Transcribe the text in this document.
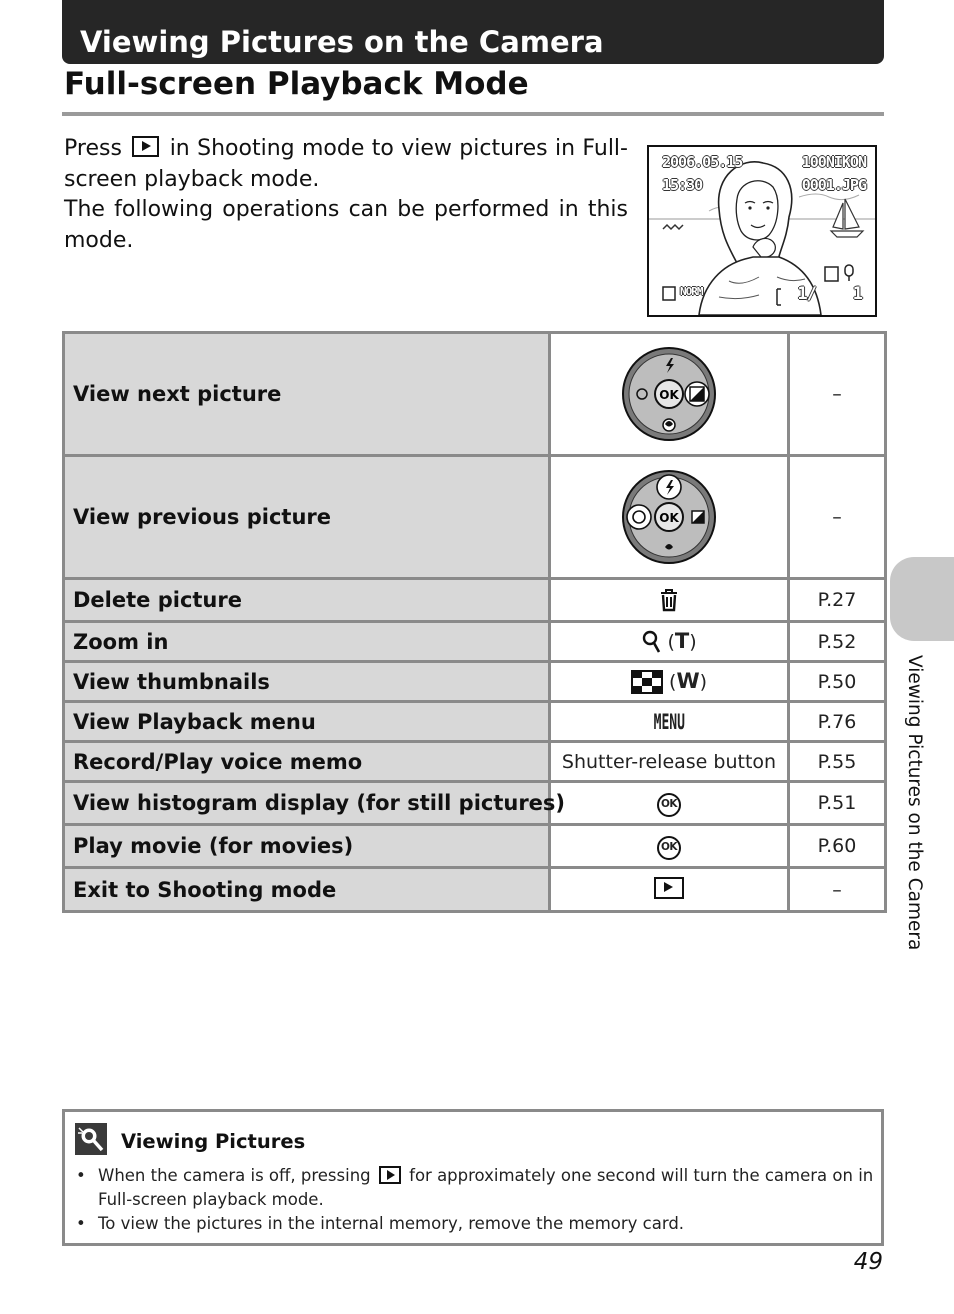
Viewing Pictures on the Camera
Full-screen Playback Mode

Press in Shooting mode to view pictures in Full-screen playback mode.

The following operations can be performed in this mode.

2006.05.15
15:30
100NIKON
0001.JPG
NORM	1/    1
View next picture	OK	–
View previous picture	OK	–
Delete picture		P.27
Zoom in	(T)	P.52
View thumbnails	(W)	P.50
View Playback menu	MENU	P.76
Record/Play voice memo	Shutter-release button	P.55
View histogram display (for still pictures)	OK	P.51
Play movie (for movies)	OK	P.60
Exit to Shooting mode		–	Viewing Pictures on the Camera
Viewing Pictures
• When the camera is off, pressing for approximately one second will turn the camera on in Full-screen playback mode.
• To view the pictures in the internal memory, remove the memory card.
49
